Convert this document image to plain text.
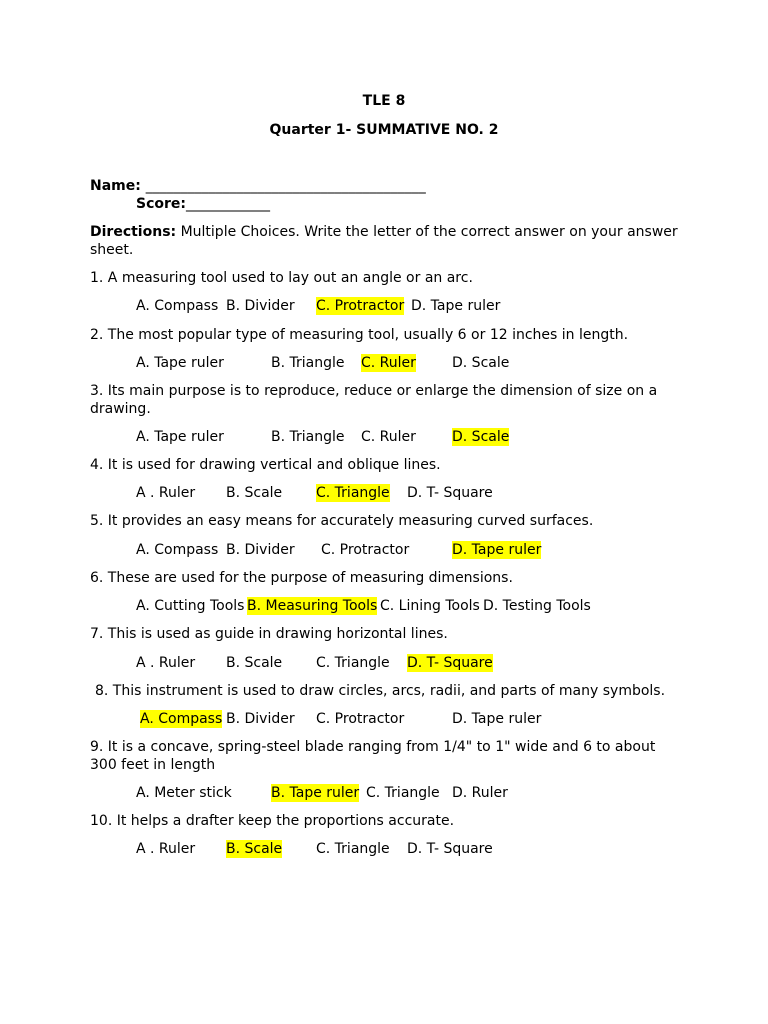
TLE 8
Quarter 1- SUMMATIVE NO. 2
Name: ________________________________________
Score:____________
Directions: Multiple Choices. Write the letter of the correct answer on your answer sheet.
1. A measuring tool used to lay out an angle or an arc.
A. Compass B. Divider C. Protractor D. Tape ruler
2. The most popular type of measuring tool, usually 6 or 12 inches in length.
A. Tape ruler	B. Triangle C. Ruler	D. Scale
3. Its main purpose is to reproduce, reduce or enlarge the dimension of size on a drawing.
A. Tape ruler	B. Triangle C. Ruler	D. Scale
4. It is used for drawing vertical and oblique lines.
A . Ruler B. Scale C. Triangle D. T- Square
5. It provides an easy means for accurately measuring curved surfaces.
A. Compass B. Divider C. Protractor	D. Tape ruler
6. These are used for the purpose of measuring dimensions.
A. Cutting Tools B. Measuring Tools C. Lining Tools D. Testing Tools
7. This is used as guide in drawing horizontal lines.
A . Ruler B. Scale C. Triangle D. T- Square
8. This instrument is used to draw circles, arcs, radii, and parts of many symbols.
A. Compass B. Divider C. Protractor	D. Tape ruler
9. It is a concave, spring-steel blade ranging from 1/4" to 1" wide and 6 to about 300 feet in length
A. Meter stick	B. Tape ruler C. Triangle D. Ruler
10. It helps a drafter keep the proportions accurate.
A . Ruler B. Scale C. Triangle D. T- Square
